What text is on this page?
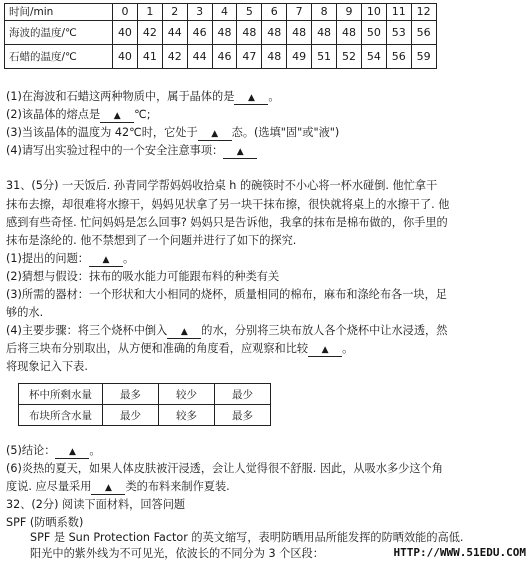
时间/min	0	1	2	3	4	5	6	7	8	9	10	11	12
海波的温度/℃	40	42	44	46	48	48	48	48	48	48	50	53	56
石蜡的温度/℃	40	41	42	44	46	47	48	49	51	52	54	56	59
(1)在海波和石蜡这两种物质中，属于晶体的是 ▲ 。
(2)该晶体的熔点是 ▲ ℃;
(3)当该晶体的温度为 42℃时，它处于 ▲ 态。(选填"固"或"液")
(4)请写出实验过程中的一个安全注意事项： ▲
31、(5分) 一天饭后. 孙青同学帮妈妈收拾桌 h 的碗筷时不小心将一杯水碰倒. 他忙拿干
抹布去擦，却很难将水擦干，妈妈见状拿了另一块干抹布擦，很快就将桌上的水擦干了. 他
感到有些奇怪. 忙问妈妈是怎么回事? 妈妈只是告诉他，我拿的抹布是棉布做的，你手里的
抹布是涤纶的. 他不禁想到了一个问题并进行了如下的探究.
(1)提出的问题： ▲ 。
(2)猜想与假设：抹布的吸水能力可能跟布料的种类有关
(3)所需的器材：一个形状和大小相同的烧杯，质量相同的棉布，麻布和涤纶布各一块，足
够的水.
(4)主要步骤：将三个烧杯中倒入 ▲ 的水，分别将三块布放人各个烧杯中让水浸透，然
后将三块布分别取出，从方便和准确的角度看，应观察和比较 ▲ 。
将现象记入下表.
杯中所剩水量	最多	较少	最少
布块所含水量	最少	较多	最多
(5)结论： ▲ 。
(6)炎热的夏天，如果人体皮肤被汗浸透，会让人觉得很不舒服. 因此，从吸水多少这个角
度说. 应尽量采用 ▲ 类的布料来制作夏装.
32、(2分) 阅读下面材料，回答问题
SPF (防晒系数)
SPF 是 Sun Protection Factor 的英文缩写，表明防晒用品所能发挥的防晒效能的高低.
阳光中的紫外线为不可见光，依波长的不同分为 3 个区段：	HTTP://WWW.51EDU.COM
